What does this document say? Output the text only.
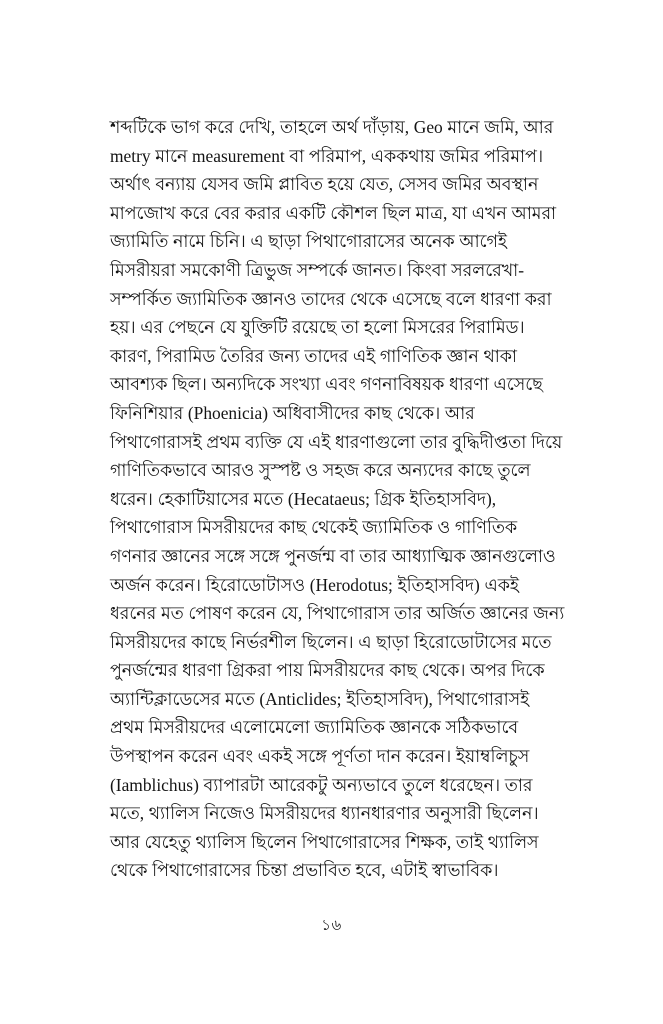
শব্দটিকে ভাগ করে দেখি, তাহলে অর্থ দাঁড়ায়, Geo মানে জমি, আর
metry মানে measurement বা পরিমাপ, এককথায় জমির পরিমাপ।
অর্থাৎ বন্যায় যেসব জমি প্লাবিত হয়ে যেত, সেসব জমির অবস্থান
মাপজোখ করে বের করার একটি কৌশল ছিল মাত্র, যা এখন আমরা
জ্যামিতি নামে চিনি। এ ছাড়া পিথাগোরাসের অনেক আগেই
মিসরীয়রা সমকোণী ত্রিভুজ সম্পর্কে জানত। কিংবা সরলরেখা-
সম্পর্কিত জ্যামিতিক জ্ঞানও তাদের থেকে এসেছে বলে ধারণা করা
হয়। এর পেছনে যে যুক্তিটি রয়েছে তা হলো মিসরের পিরামিড।
কারণ, পিরামিড তৈরির জন্য তাদের এই গাণিতিক জ্ঞান থাকা
আবশ্যক ছিল। অন্যদিকে সংখ্যা এবং গণনাবিষয়ক ধারণা এসেছে
ফিনিশিয়ার (Phoenicia) অধিবাসীদের কাছ থেকে। আর
পিথাগোরাসই প্রথম ব্যক্তি যে এই ধারণাগুলো তার বুদ্ধিদীপ্ততা দিয়ে
গাণিতিকভাবে আরও সুস্পষ্ট ও সহজ করে অন্যদের কাছে তুলে
ধরেন। হেকাটিয়াসের মতে (Hecataeus; গ্রিক ইতিহাসবিদ),
পিথাগোরাস মিসরীয়দের কাছ থেকেই জ্যামিতিক ও গাণিতিক
গণনার জ্ঞানের সঙ্গে সঙ্গে পুনর্জন্ম বা তার আধ্যাত্মিক জ্ঞানগুলোও
অর্জন করেন। হিরোডোটাসও (Herodotus; ইতিহাসবিদ) একই
ধরনের মত পোষণ করেন যে, পিথাগোরাস তার অর্জিত জ্ঞানের জন্য
মিসরীয়দের কাছে নির্ভরশীল ছিলেন। এ ছাড়া হিরোডোটাসের মতে
পুনর্জন্মের ধারণা গ্রিকরা পায় মিসরীয়দের কাছ থেকে। অপর দিকে
অ্যান্টিক্লাডেসের মতে (Anticlides; ইতিহাসবিদ), পিথাগোরাসই
প্রথম মিসরীয়দের এলোমেলো জ্যামিতিক জ্ঞানকে সঠিকভাবে
উপস্থাপন করেন এবং একই সঙ্গে পূর্ণতা দান করেন। ইয়াম্বলিচুস
(Iamblichus) ব্যাপারটা আরেকটু অন্যভাবে তুলে ধরেছেন। তার
মতে, থ্যালিস নিজেও মিসরীয়দের ধ্যানধারণার অনুসারী ছিলেন।
আর যেহেতু থ্যালিস ছিলেন পিথাগোরাসের শিক্ষক, তাই থ্যালিস
থেকে পিথাগোরাসের চিন্তা প্রভাবিত হবে, এটাই স্বাভাবিক।
১৬
